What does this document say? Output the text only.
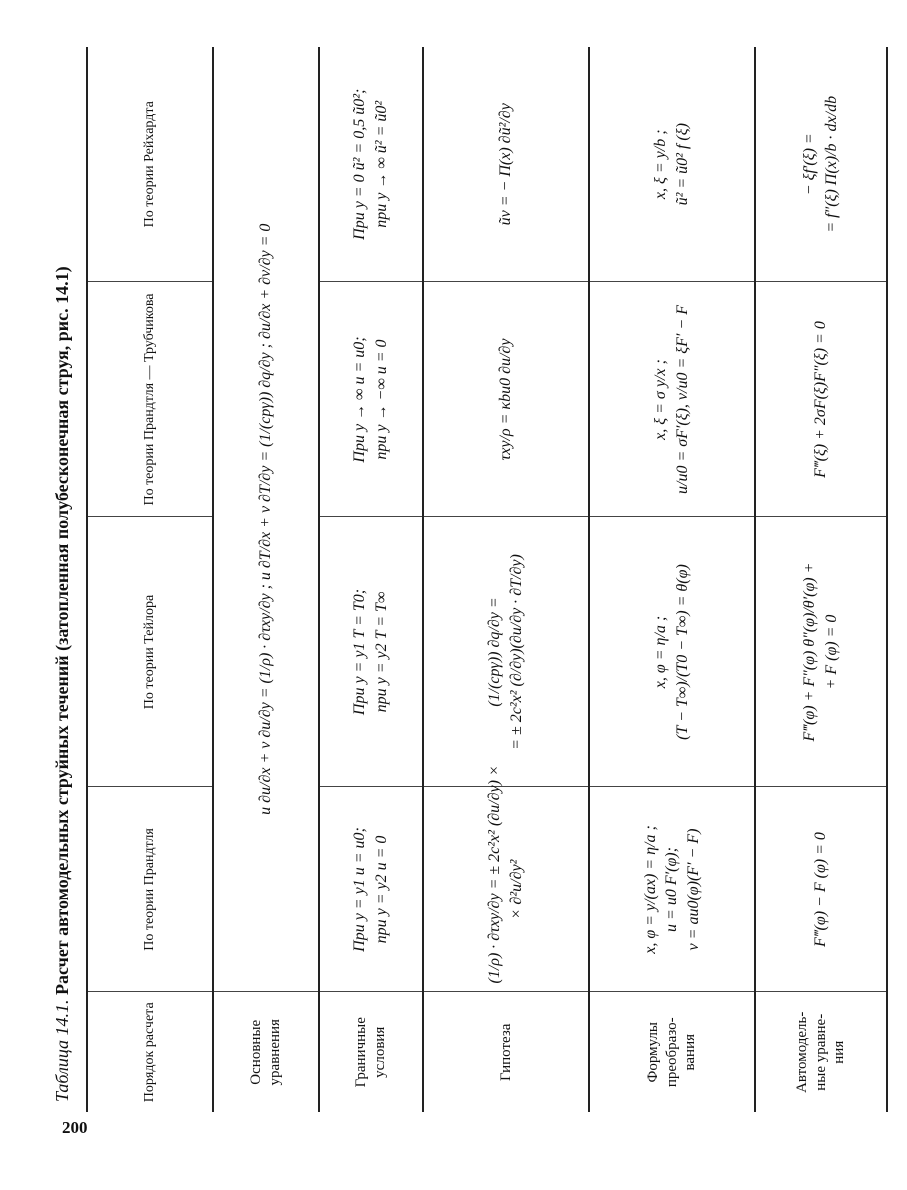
200
Таблица 14.1. Расчет автомодельных струйных течений (затопленная полубесконечная струя, рис. 14.1)
Порядок расчета	По теории Прандтля	По теории Тейлора	По теории Прандтля — Трубчикова	По теории Рейхардта
Основные уравнения	u ∂u/∂x + v ∂u/∂y = (1/ρ) · ∂τxy/∂y ; u ∂T/∂x + v ∂T/∂y = (1/(cpγ)) ∂q/∂y ; ∂u/∂x + ∂v/∂y = 0			
Граничные условия	При y = y1 u = u0; при y = y2 u = 0	При y = y1 T = T0; при y = y2 T = T∞	При y → ∞ u = u0; при y → −∞ u = 0	При y = 0 ũ² = 0,5 ũ0²; при y → ∞ ũ² = ũ0²

Гипотеза	(1/ρ) · ∂τxy/∂y = ± 2c²x² (∂u/∂y) × × ∂²u/∂y²	(1/(cpγ)) ∂q/∂y = = ± 2c²x² (∂/∂y)(∂u/∂y · ∂T/∂y)	τxy/ρ = κbu0 ∂u/∂y	ũv = − Π(x) ∂ũ²/∂y

Формулы преобразо- вания	x, φ = y/(ax) = η/a ; u = u0 F′(φ); v = au0(φ)(F′ − F)	x, φ = η/a ; (T − T∞)/(T0 − T∞) = θ(φ)	x, ξ = σ y/x ; u/u0 = σF′(ξ), v/u0 = ξF′ − F	x, ξ = y/b ; ũ² = ũ0² f (ξ)

Автомодель- ные уравне- ния	F‴(φ) − F (φ) = 0	F‴(φ) + F″(φ) θ″(φ)/θ′(φ) + + F (φ) = 0	F‴(ξ) + 2σF(ξ)F″(ξ) = 0	− ξf′(ξ) = = f″(ξ) Π(x)/b · dx/db
